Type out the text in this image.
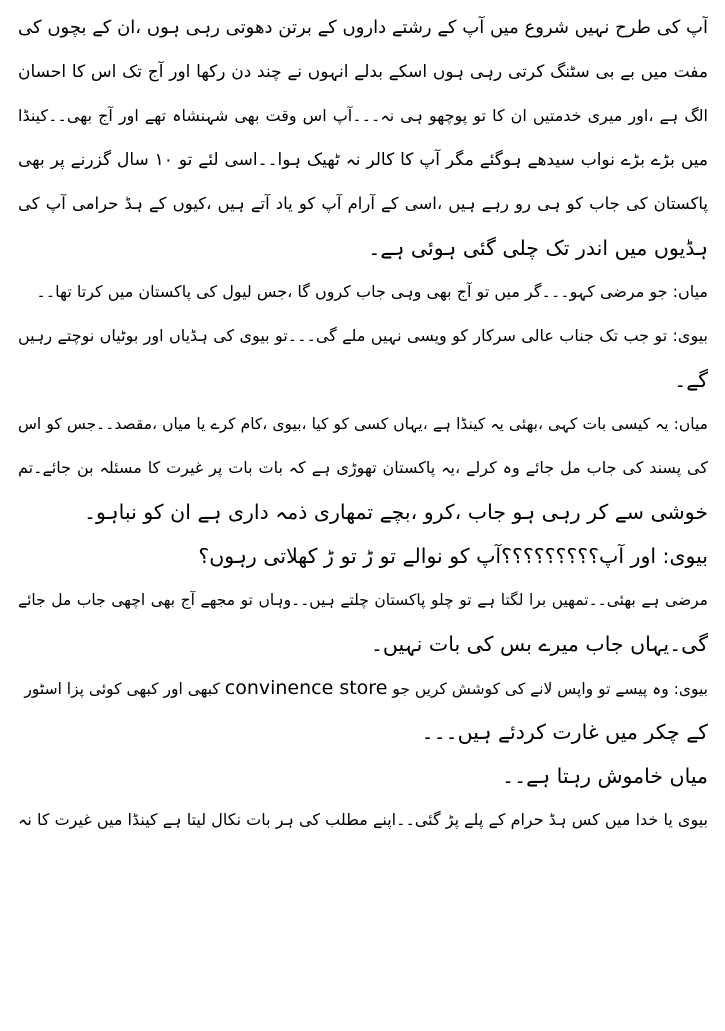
آپ کی طرح نہیں شروع میں آپ کے رشتے داروں کے برتن دھوتی رہی ہوں ،ان کے بچوں کی
مفت میں بے بی سٹنگ کرتی رہی ہوں اسکے بدلے انہوں نے چند دن رکھا اور آج تک اس کا احسان
الگ ہے ،اور میری خدمتیں ان کا تو پوچھو ہی نہ۔۔۔آپ اس وقت بھی شہنشاہ تھے اور آج بھی۔۔کینڈا
میں بڑے بڑے نواب سیدھے ہوگئے مگر آپ کا کالر نہ ٹھیک ہوا۔۔اسی لئے تو ۱۰ سال گزرنے پر بھی
پاکستان کی جاب کو ہی رو رہے ہیں ،اسی کے آرام آپ کو یاد آتے ہیں ،کیوں کے ہڈ حرامی آپ کی
ہڈیوں میں اندر تک چلی گئی ہوئی ہے۔
میاں: جو مرضی کہو۔۔۔گر میں تو آج بھی وہی جاب کروں گا ،جس لیول کی پاکستان میں کرتا تھا۔۔
بیوی: تو جب تک جناب عالی سرکار کو ویسی نہیں ملے گی۔۔۔تو بیوی کی ہڈیاں اور بوٹیاں نوچتے رہیں
گے۔
میاں: یہ کیسی بات کہی ،بھئی یہ کینڈا ہے ،یہاں کسی کو کیا ،بیوی ،کام کرے یا میاں ،مقصد۔۔جس کو اس
کی پسند کی جاب مل جائے وہ کرلے ،یہ پاکستان تھوڑی ہے کہ بات بات پر غیرت کا مسئلہ بن جائے۔تم
خوشی سے کر رہی ہو جاب ،کرو ،بچے تمھاری ذمہ داری ہے ان کو نباہو۔
بیوی: اور آپ؟؟؟؟؟؟؟؟؟آپ کو نوالے تو ڑ تو ڑ کھلاتی رہوں؟
مرضی ہے بھئی۔۔تمھیں برا لگتا ہے تو چلو پاکستان چلتے ہیں۔۔وہاں تو مجھے آج بھی اچھی جاب مل جائے
گی۔یہاں جاب میرے بس کی بات نہیں۔
بیوی: وہ پیسے تو واپس لانے کی کوشش کریں جو convinence store کبھی اور کبھی کوئی پزا اسٹور
کے چکر میں غارت کردئے ہیں۔۔۔
میاں خاموش رہتا ہے۔۔
بیوی یا خدا میں کس ہڈ حرام کے پلے پڑ گئی۔۔اپنے مطلب کی ہر بات نکال لیتا ہے کینڈا میں غیرت کا نہ
